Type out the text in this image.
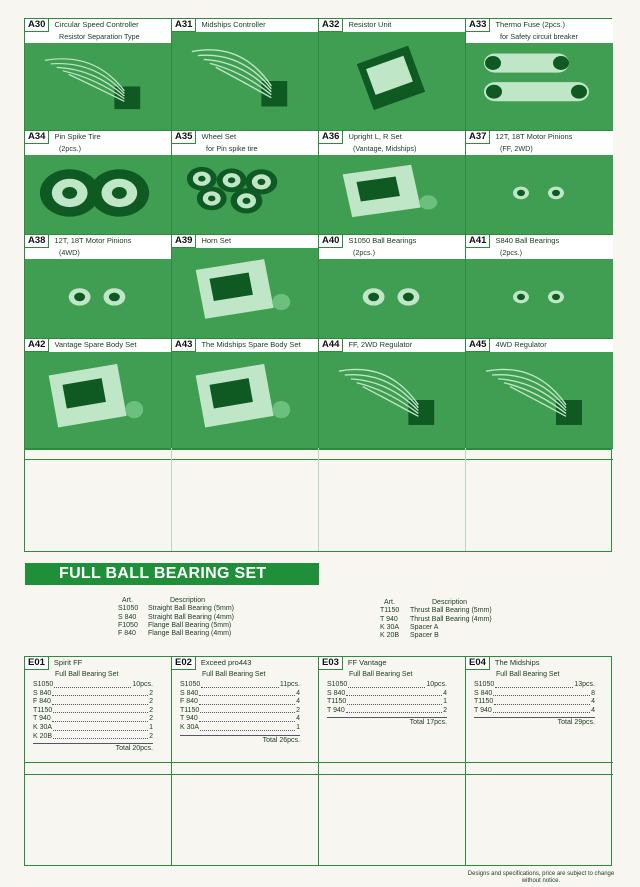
A30	Circular Speed Controller
Resistor Separation Type
A31	Midships Controller	A32	Resistor Unit	A33	Thermo Fuse (2pcs.)
for Safety circuit breaker
A34	Pin Spike Tire
(2pcs.)
A35	Wheel Set
for Pin spike tire
A36	Upright L, R Set
(Vantage, Midships)
A37	12T, 18T Motor Pinions
(FF, 2WD)
A38	12T, 18T Motor Pinions
(4WD)
A39	Horn Set	A40	S1050 Ball Bearings
(2pcs.)
A41	S840 Ball Bearings
(2pcs.)
A42	Vantage Spare Body Set	A43	The Midships Spare Body Set	A44	FF, 2WD Regulator	A45	4WD Regulator
FULL BALL BEARING SET
Art.	Description
S1050	Straight Ball Bearing (5mm)
S 840	Straight Ball Bearing (4mm)
F1050	Flange Ball Bearing (5mm)
F 840	Flange Ball Bearing (4mm)
Art.	Description
T1150	Thrust Ball Bearing (5mm)
T 940	Thrust Ball Bearing (4mm)
K 30A	Spacer A
K 20B	Spacer B
E01	Spirit FF
Full Ball Bearing Set
S1050	10pcs.
S 840	2
F 840	2
T1150	2
T 940	2
K 30A	1
K 20B	2
Total 20pcs.
E02	Exceed pro443
Full Ball Bearing Set
S1050	11pcs.
S 840	4
F 840	4
T1150	2
T 940	4
K 30A	1
Total 26pcs.
E03	FF Vantage
Full Ball Bearing Set
S1050	10pcs.
S 840	4
T1150	1
T 940	2
Total 17pcs.
E04	The Midships
Full Ball Bearing Set
S1050	13pcs.
S 840	8
T1150	4
T 940	4
Total 29pcs.
Designs and specifications, price are subject to change without notice.
